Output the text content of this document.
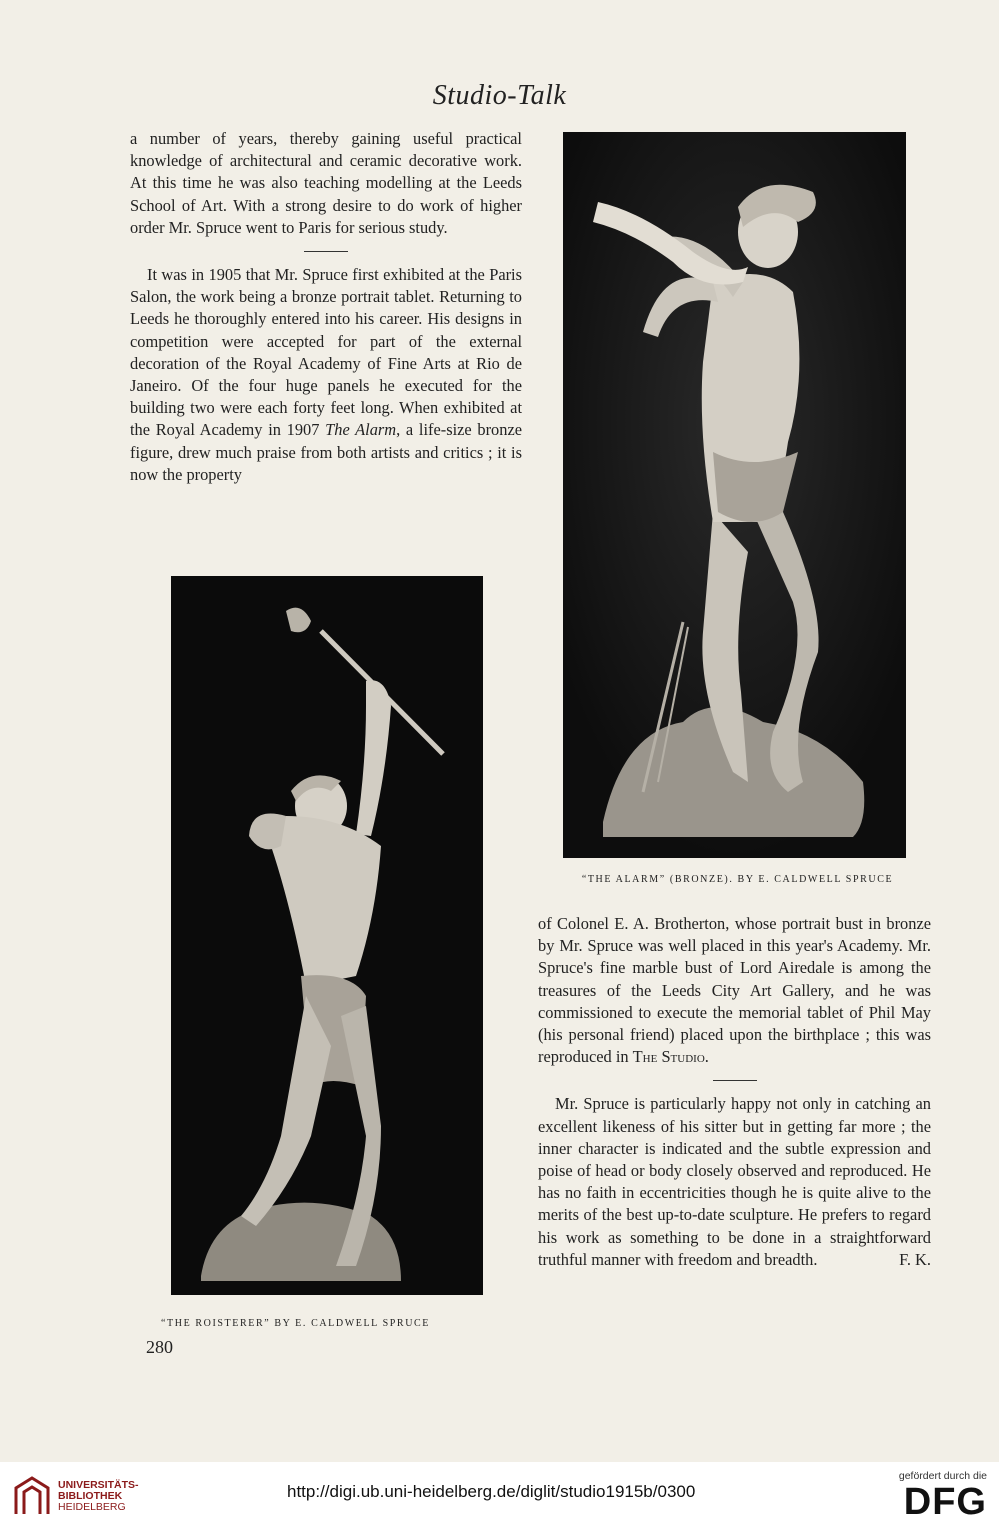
Studio-Talk

a number of years, thereby gaining useful practical knowledge of architectural and ceramic decorative work. At this time he was also teaching modelling at the Leeds School of Art. With a strong desire to do work of higher order Mr. Spruce went to Paris for serious study.

It was in 1905 that Mr. Spruce first exhibited at the Paris Salon, the work being a bronze portrait tablet. Returning to Leeds he thoroughly entered into his career. His designs in competition were accepted for part of the external decoration of the Royal Academy of Fine Arts at Rio de Janeiro. Of the four huge panels he executed for the building two were each forty feet long. When exhibited at the Royal Academy in 1907 The Alarm, a life-size bronze figure, drew much praise from both artists and critics ; it is now the property

“THE ALARM” (BRONZE). BY E. CALDWELL SPRUCE
“THE ROISTERER” BY E. CALDWELL SPRUCE
280

of Colonel E. A. Brotherton, whose portrait bust in bronze by Mr. Spruce was well placed in this year's Academy. Mr. Spruce's fine marble bust of Lord Airedale is among the treasures of the Leeds City Art Gallery, and he was commissioned to execute the memorial tablet of Phil May (his personal friend) placed upon the birthplace ; this was reproduced in The Studio.

Mr. Spruce is particularly happy not only in catching an excellent likeness of his sitter but in getting far more ; the inner character is indicated and the subtle expression and poise of head or body closely observed and reproduced. He has no faith in eccentricities though he is quite alive to the merits of the best up-to-date sculpture. He prefers to regard his work as something to be done in a straightforward truthful manner with freedom and breadth.	F. K.

UNIVERSITÄTS-
BIBLIOTHEK
HEIDELBERG
http://digi.ub.uni-heidelberg.de/diglit/studio1915b/0300
gefördert durch die
DFG
